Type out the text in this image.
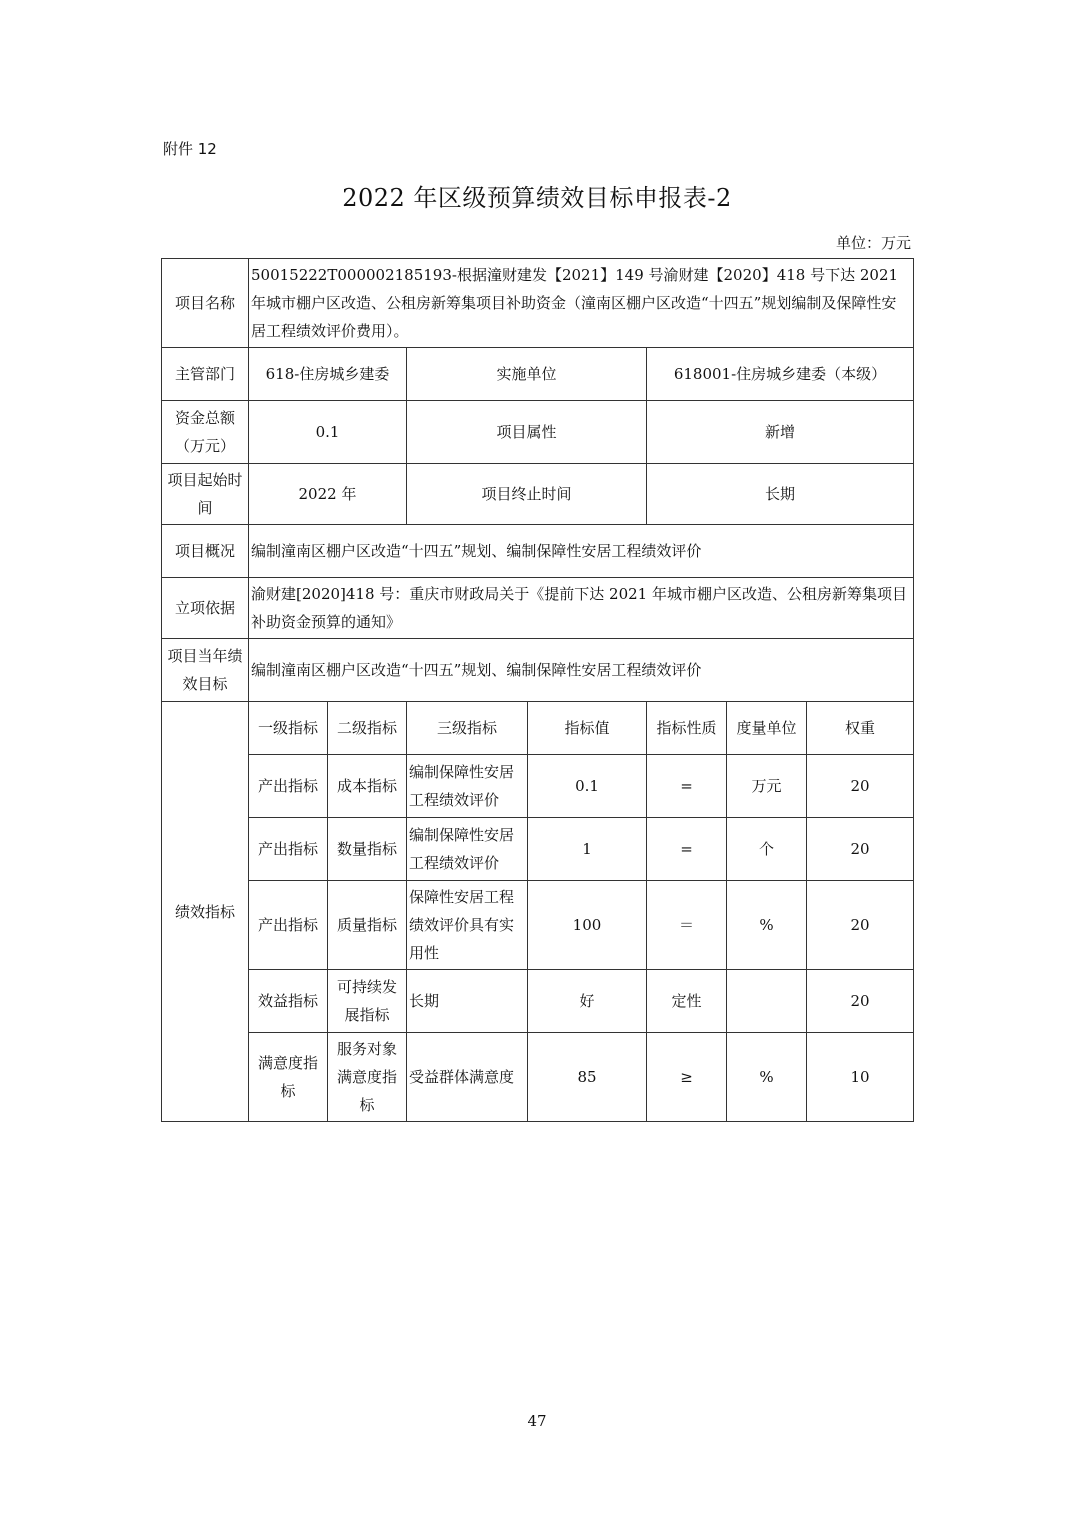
附件 12
2022 年区级预算绩效目标申报表-2
单位：万元
项目名称	50015222T000002185193-根据潼财建发【2021】149 号渝财建【2020】418 号下达 2021 年城市棚户区改造、公租房新筹集项目补助资金（潼南区棚户区改造“十四五”规划编制及保障性安居工程绩效评价费用）。						
主管部门	618-住房城乡建委		实施单位		618001-住房城乡建委（本级）		
资金总额（万元）	0.1		项目属性		新增		
项目起始时间	2022 年		项目终止时间		长期		
项目概况	编制潼南区棚户区改造“十四五”规划、编制保障性安居工程绩效评价						
立项依据	渝财建[2020]418 号：重庆市财政局关于《提前下达 2021 年城市棚户区改造、公租房新筹集项目补助资金预算的通知》						
项目当年绩效目标	编制潼南区棚户区改造“十四五”规划、编制保障性安居工程绩效评价						
绩效指标	一级指标	二级指标	三级指标	指标值	指标性质	度量单位	权重
	产出指标	成本指标	编制保障性安居工程绩效评价	0.1	=	万元	20
	产出指标	数量指标	编制保障性安居工程绩效评价	1	=	个	20
	产出指标	质量指标	保障性安居工程绩效评价具有实用性	100	＝	%	20
	效益指标	可持续发展指标	长期	好	定性		20
	满意度指标	服务对象满意度指标	受益群体满意度	85	≥	%	10
47
